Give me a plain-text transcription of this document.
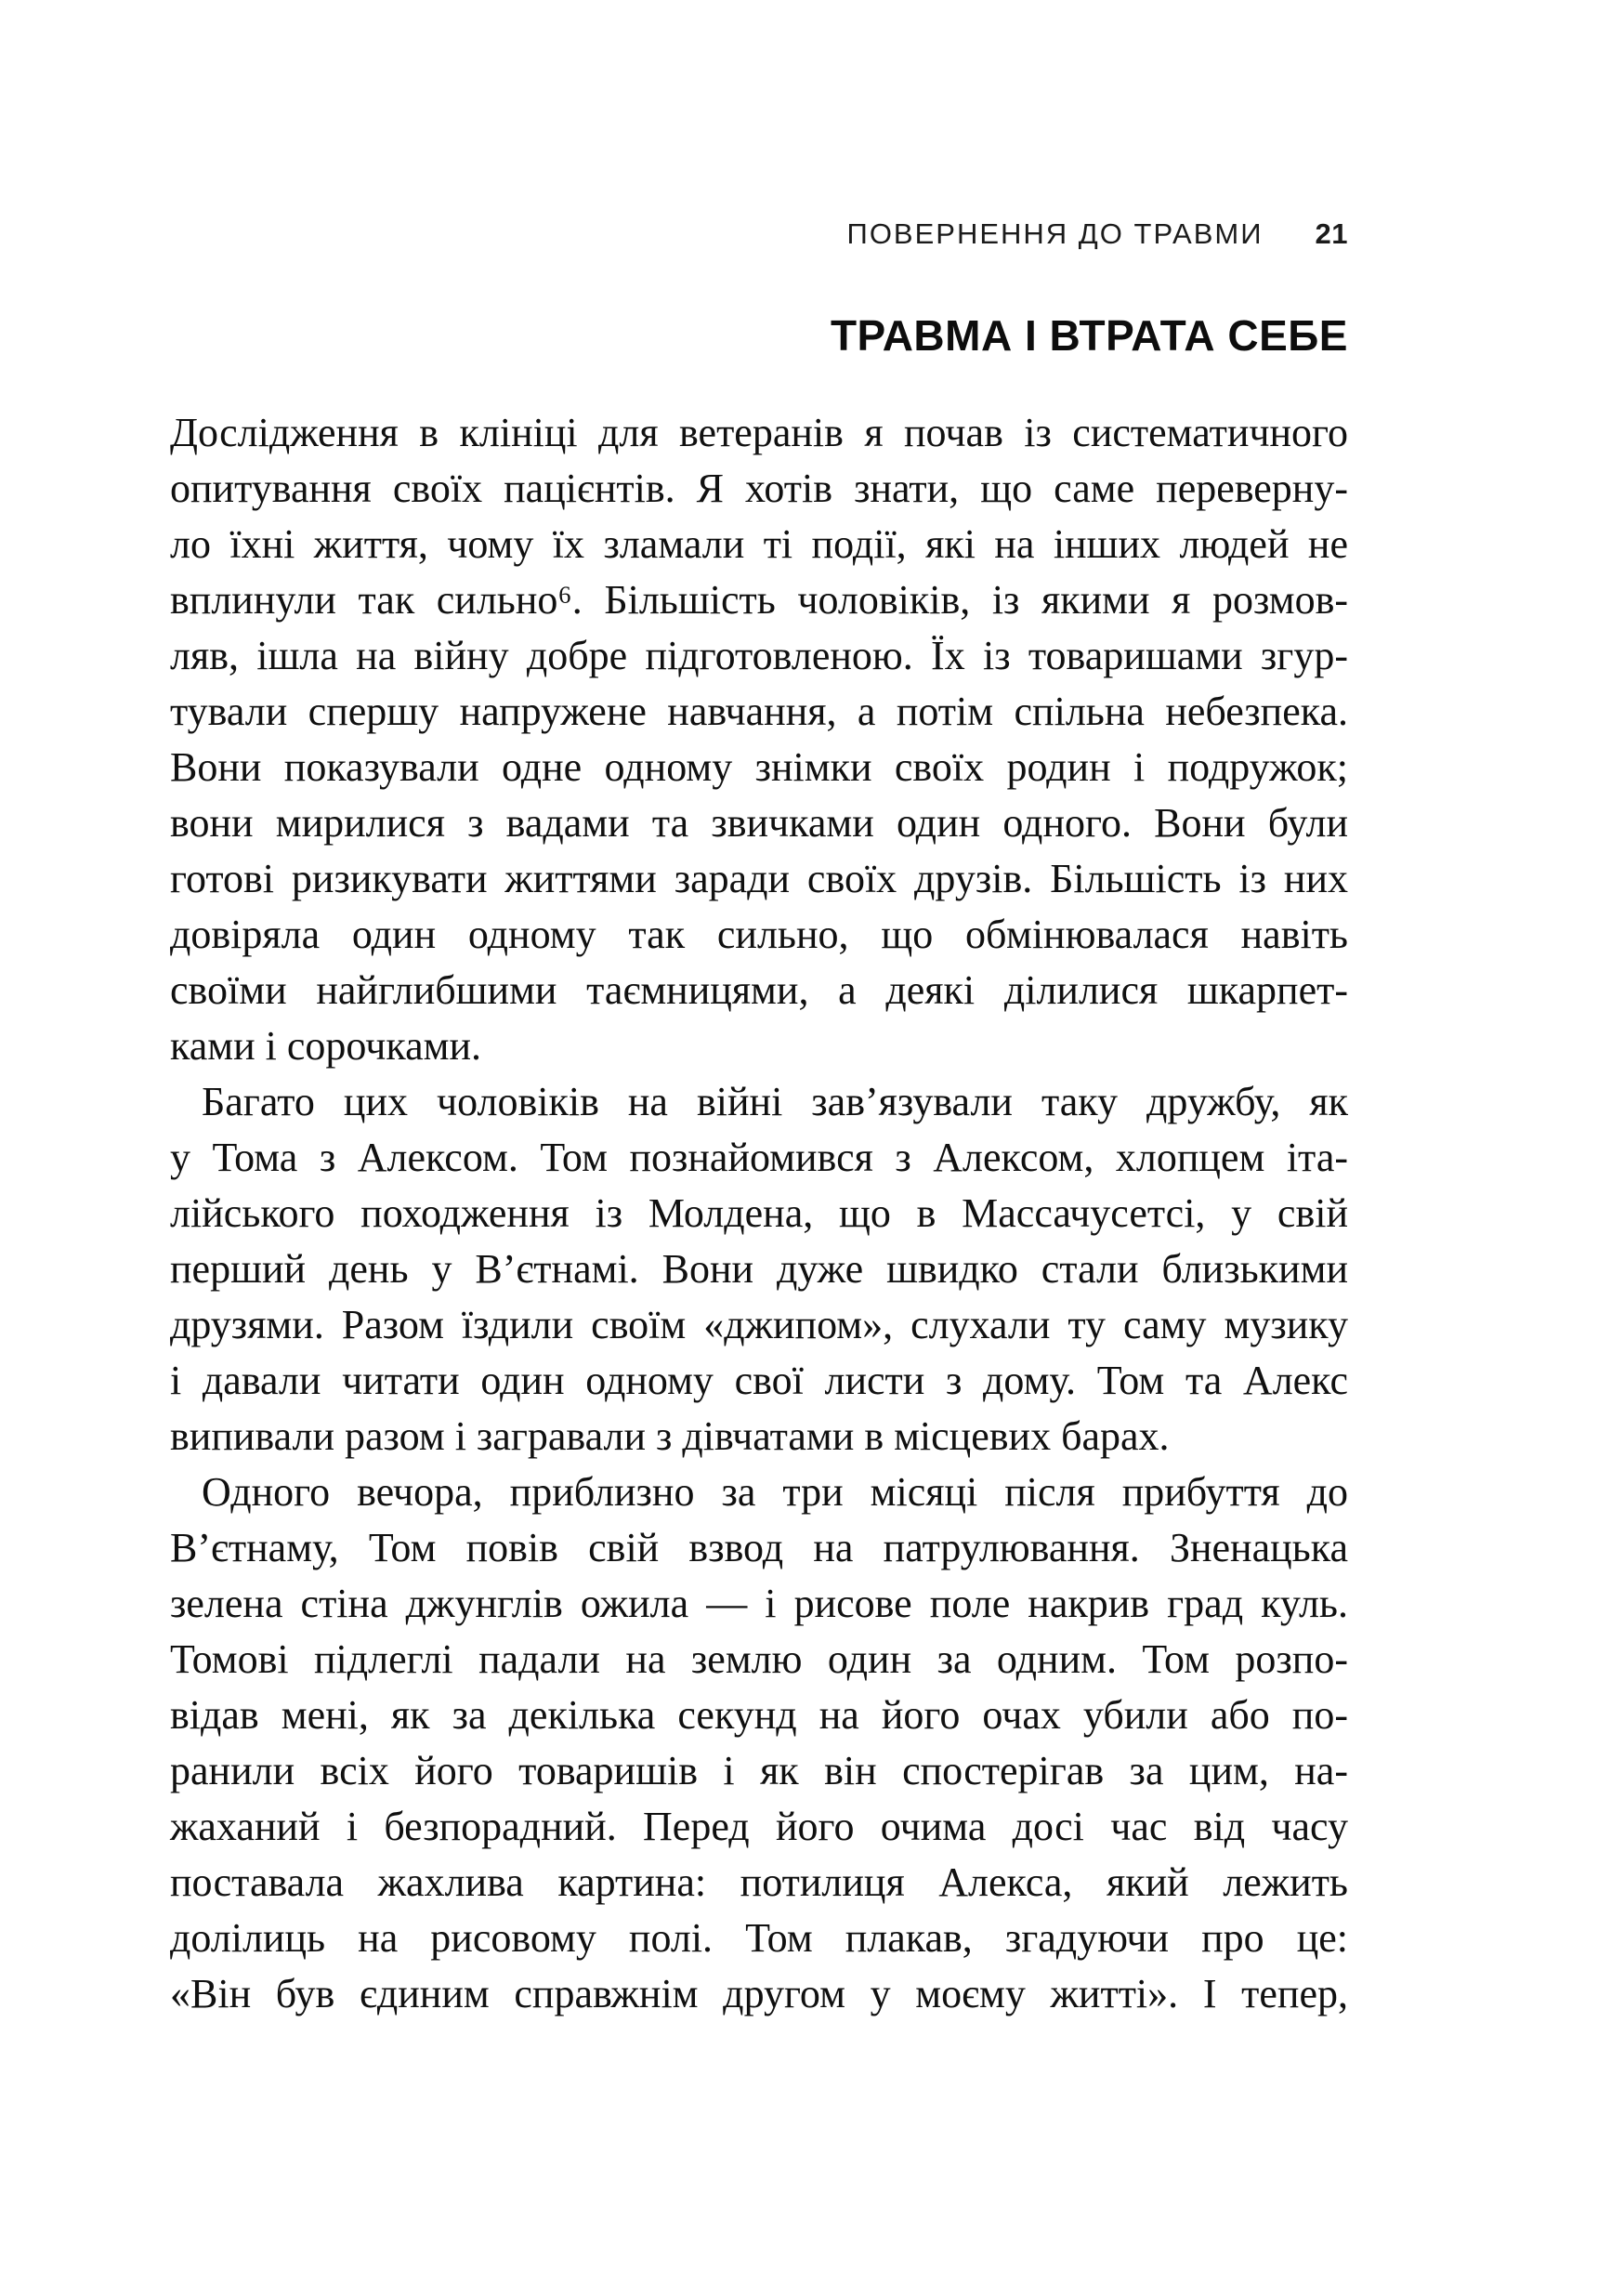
ПОВЕРНЕННЯ ДО ТРАВМИ 21
ТРАВМА І ВТРАТА СЕБЕ
Дослідження в клініці для ветеранів я почав із систематичного
опитування своїх пацієнтів. Я хотів знати, що саме переверну-
ло їхні життя, чому їх зламали ті події, які на інших людей не
вплинули так сильно⁶. Більшість чоловіків, із якими я розмов-
ляв, ішла на війну добре підготовленою. Їх із товаришами згур-
тували спершу напружене навчання, а потім спільна небезпека.
Вони показували одне одному знімки своїх родин і подружок;
вони мирилися з вадами та звичками один одного. Вони були
готові ризикувати життями заради своїх друзів. Більшість із них
довіряла один одному так сильно, що обмінювалася навіть
своїми найглибшими таємницями, а деякі ділилися шкарпет-
ками і сорочками.
Багато цих чоловіків на війні зав’язували таку дружбу, як
у Тома з Алексом. Том познайомився з Алексом, хлопцем іта-
лійського походження із Молдена, що в Массачусетсі, у свій
перший день у В’єтнамі. Вони дуже швидко стали близькими
друзями. Разом їздили своїм «джипом», слухали ту саму музику
і давали читати один одному свої листи з дому. Том та Алекс
випивали разом і загравали з дівчатами в місцевих барах.
Одного вечора, приблизно за три місяці після прибуття до
В’єтнаму, Том повів свій взвод на патрулювання. Зненацька
зелена стіна джунглів ожила — і рисове поле накрив град куль.
Томові підлеглі падали на землю один за одним. Том розпо-
відав мені, як за декілька секунд на його очах убили або по-
ранили всіх його товаришів і як він спостерігав за цим, на-
жаханий і безпорадний. Перед його очима досі час від часу
поставала жахлива картина: потилиця Алекса, який лежить
долілиць на рисовому полі. Том плакав, згадуючи про це:
«Він був єдиним справжнім другом у моєму житті». І тепер,
